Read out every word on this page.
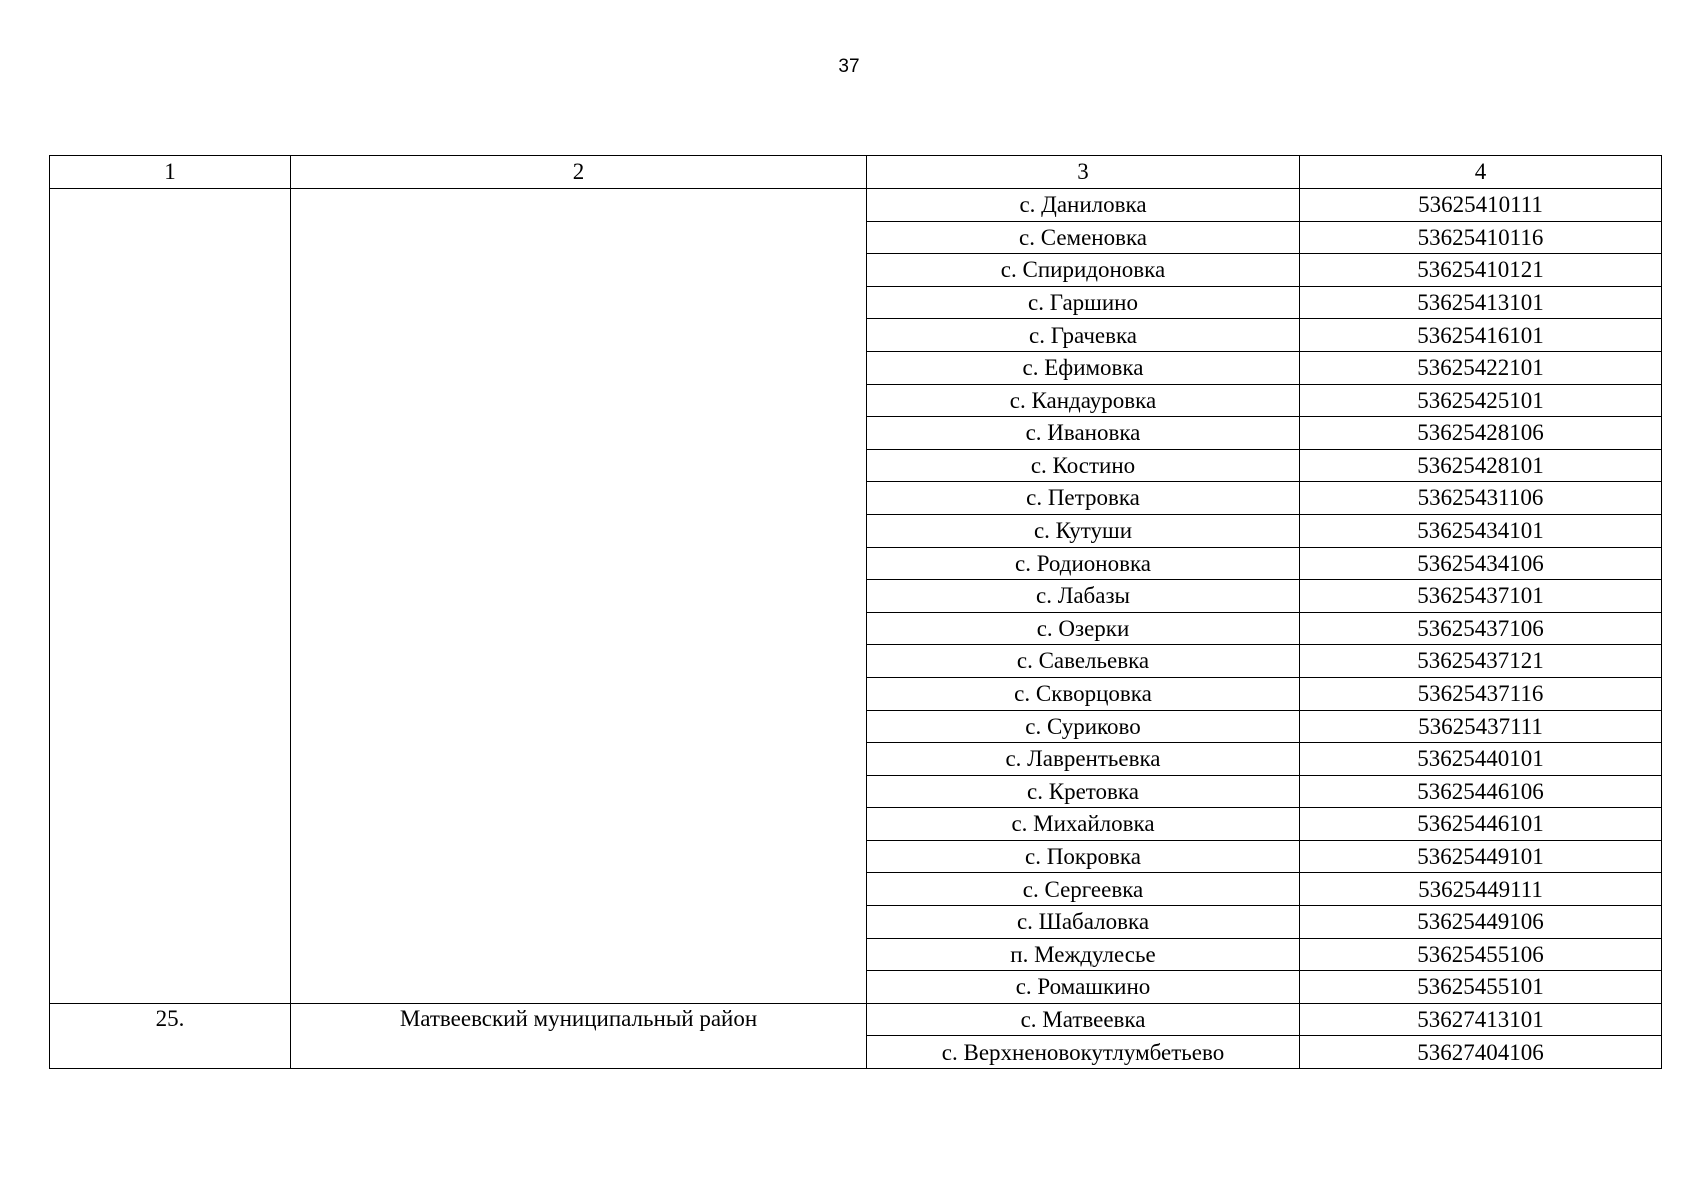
37
1	2	3	4
		с. Даниловка	53625410111
		с. Семеновка	53625410116
		с. Спиридоновка	53625410121
		с. Гаршино	53625413101
		с. Грачевка	53625416101
		с. Ефимовка	53625422101
		с. Кандауровка	53625425101
		с. Ивановка	53625428106
		с. Костино	53625428101
		с. Петровка	53625431106
		с. Кутуши	53625434101
		с. Родионовка	53625434106
		с. Лабазы	53625437101
		с. Озерки	53625437106
		с. Савельевка	53625437121
		с. Скворцовка	53625437116
		с. Суриково	53625437111
		с. Лаврентьевка	53625440101
		с. Кретовка	53625446106
		с. Михайловка	53625446101
		с. Покровка	53625449101
		с. Сергеевка	53625449111
		с. Шабаловка	53625449106
		п. Междулесье	53625455106
		с. Ромашкино	53625455101
25.	Матвеевский муниципальный район	с. Матвеевка	53627413101
		с. Верхненовокутлумбетьево	53627404106
